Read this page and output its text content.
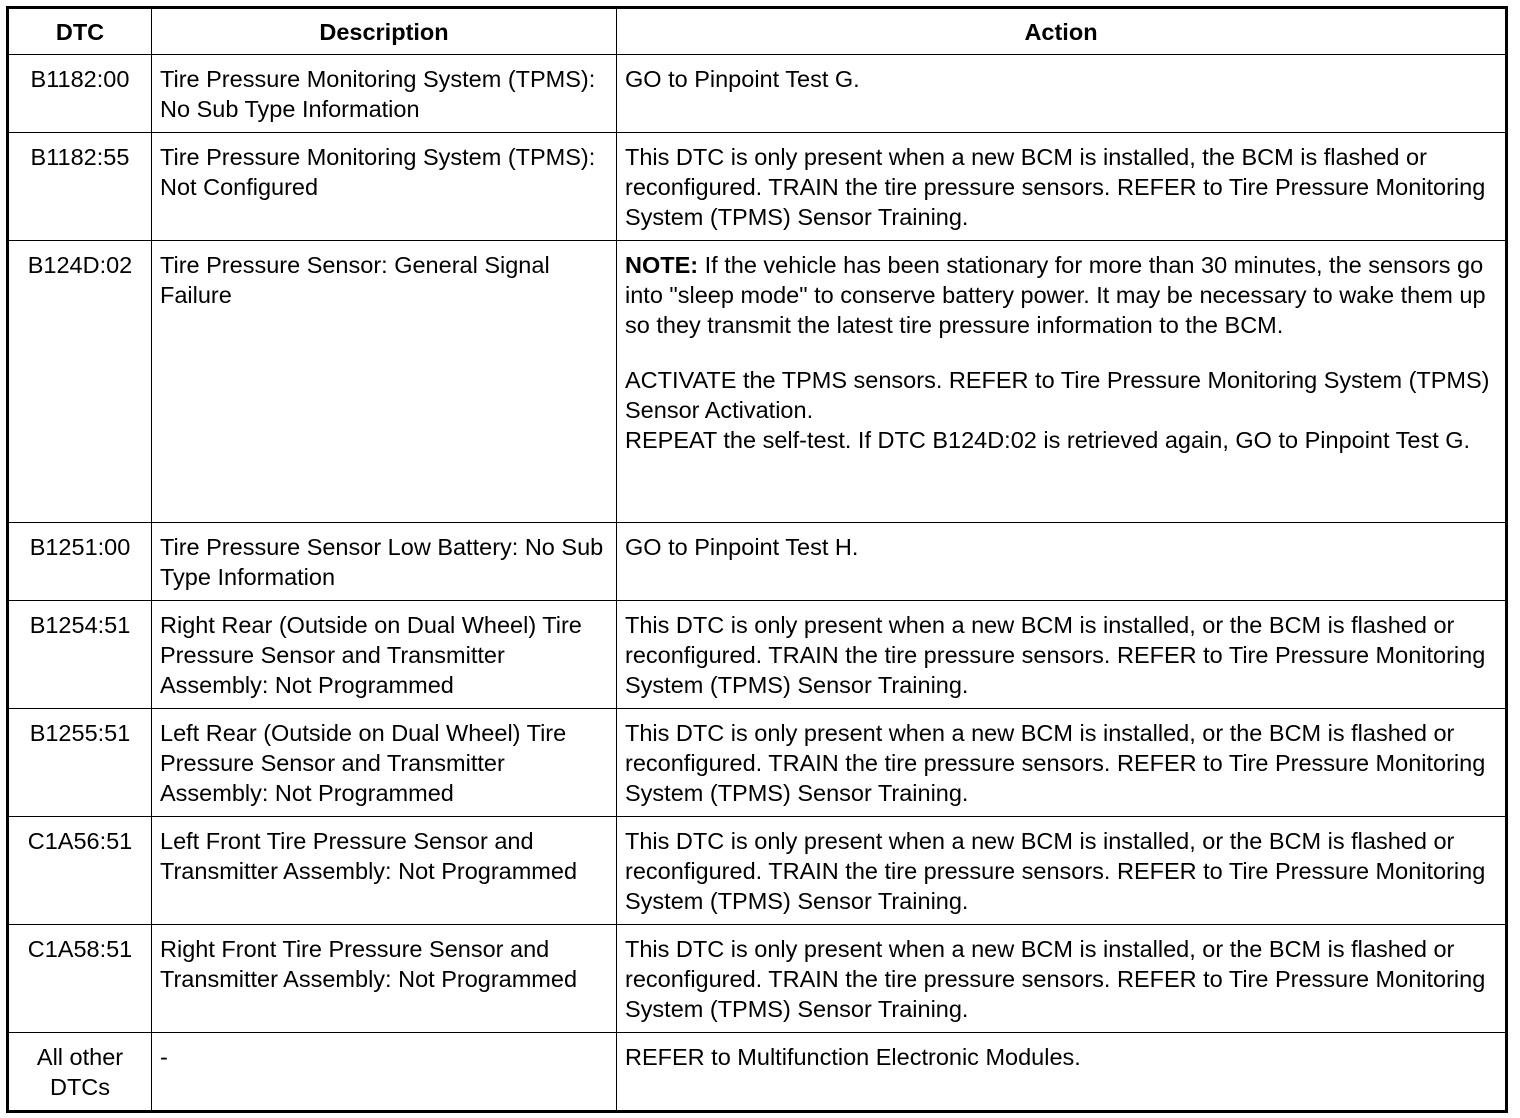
DTC	Description	Action
B1182:00	Tire Pressure Monitoring System (TPMS): No Sub Type Information	GO to Pinpoint Test G.
B1182:55	Tire Pressure Monitoring System (TPMS): Not Configured	This DTC is only present when a new BCM is installed, the BCM is flashed or reconfigured. TRAIN the tire pressure sensors. REFER to Tire Pressure Monitoring System (TPMS) Sensor Training.
B124D:02	Tire Pressure Sensor: General Signal Failure	NOTE: If the vehicle has been stationary for more than 30 minutes, the sensors go into "sleep mode" to conserve battery power. It may be necessary to wake them up so they transmit the latest tire pressure information to the BCM.

ACTIVATE the TPMS sensors. REFER to Tire Pressure Monitoring System (TPMS) Sensor Activation.
REPEAT the self-test. If DTC B124D:02 is retrieved again, GO to Pinpoint Test G.

B1251:00	Tire Pressure Sensor Low Battery: No Sub Type Information	GO to Pinpoint Test H.
B1254:51	Right Rear (Outside on Dual Wheel) Tire Pressure Sensor and Transmitter Assembly: Not Programmed	This DTC is only present when a new BCM is installed, or the BCM is flashed or reconfigured. TRAIN the tire pressure sensors. REFER to Tire Pressure Monitoring System (TPMS) Sensor Training.
B1255:51	Left Rear (Outside on Dual Wheel) Tire Pressure Sensor and Transmitter Assembly: Not Programmed	This DTC is only present when a new BCM is installed, or the BCM is flashed or reconfigured. TRAIN the tire pressure sensors. REFER to Tire Pressure Monitoring System (TPMS) Sensor Training.
C1A56:51	Left Front Tire Pressure Sensor and Transmitter Assembly: Not Programmed	This DTC is only present when a new BCM is installed, or the BCM is flashed or reconfigured. TRAIN the tire pressure sensors. REFER to Tire Pressure Monitoring System (TPMS) Sensor Training.
C1A58:51	Right Front Tire Pressure Sensor and Transmitter Assembly: Not Programmed	This DTC is only present when a new BCM is installed, or the BCM is flashed or reconfigured. TRAIN the tire pressure sensors. REFER to Tire Pressure Monitoring System (TPMS) Sensor Training.
All other DTCs	-	REFER to Multifunction Electronic Modules.
